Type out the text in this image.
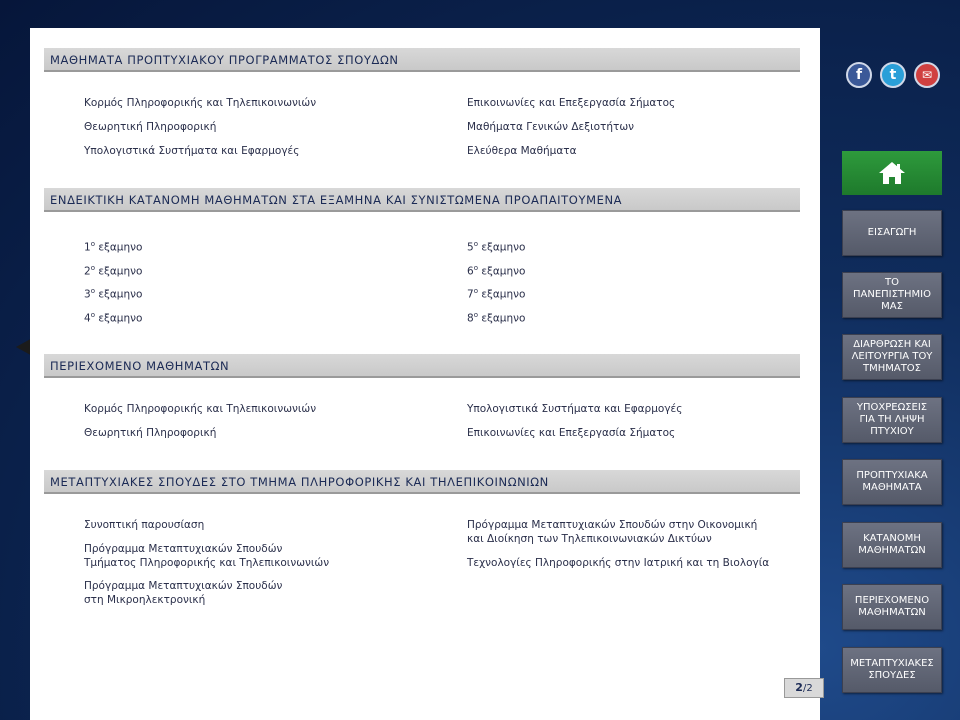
ΜΑΘΗΜΑΤΑ ΠΡΟΠΤΥΧΙΑΚΟΥ ΠΡΟΓΡΑΜΜΑΤΟΣ ΣΠΟΥΔΩΝ
Κορμός Πληροφορικής και Τηλεπικοινωνιών
Θεωρητική Πληροφορική
Υπολογιστικά Συστήματα και Εφαρμογές
Επικοινωνίες και Επεξεργασία Σήματος
Μαθήματα Γενικών Δεξιοτήτων
Ελεύθερα Μαθήματα
ΕΝΔΕΙΚΤΙΚΗ ΚΑΤΑΝΟΜΗ ΜΑΘΗΜΑΤΩΝ ΣΤΑ ΕΞΑΜΗΝΑ ΚΑΙ ΣΥΝΙΣΤΩΜΕΝΑ ΠΡΟΑΠΑΙΤΟΥΜΕΝΑ
$1^o$ εξαμηνο
$2^o$ εξαμηνο
$3^o$ εξαμηνο
$4^o$ εξαμηνο
$5^o$ εξαμηνο
$6^o$ εξαμηνο
$7^o$ εξαμηνο
$8^o$ εξαμηνο
ΠΕΡΙΕΧΟΜΕΝΟ ΜΑΘΗΜΑΤΩΝ
Κορμός Πληροφορικής και Τηλεπικοινωνιών
Θεωρητική Πληροφορική
Υπολογιστικά Συστήματα και Εφαρμογές
Επικοινωνίες και Επεξεργασία Σήματος
ΜΕΤΑΠΤΥΧΙΑΚΕΣ ΣΠΟΥΔΕΣ ΣΤΟ ΤΜΗΜΑ ΠΛΗΡΟΦΟΡΙΚΗΣ ΚΑΙ ΤΗΛΕΠΙΚΟΙΝΩΝΙΩΝ
Συνοπτική παρουσίαση
Πρόγραμμα Μεταπτυχιακών Σπουδών
Τμήματος Πληροφορικής και Τηλεπικοινωνιών
Πρόγραμμα Μεταπτυχιακών Σπουδών
στη Μικροηλεκτρονική
Πρόγραμμα Μεταπτυχιακών Σπουδών στην Οικονομική
και Διοίκηση των Τηλεπικοινωνιακών Δικτύων
Τεχνολογίες Πληροφορικής στην Ιατρική και τη Βιολογία
2/2
f	t	✉
ΕΙΣΑΓΩΓΗ
ΤΟ
ΠΑΝΕΠΙΣΤΗΜΙΟ
ΜΑΣ
ΔΙΑΡΘΡΩΣΗ ΚΑΙ
ΛΕΙΤΟΥΡΓΙΑ ΤΟΥ
ΤΜΗΜΑΤΟΣ
ΥΠΟΧΡΕΩΣΕΙΣ
ΓΙΑ ΤΗ ΛΗΨΗ
ΠΤΥΧΙΟΥ
ΠΡΟΠΤΥΧΙΑΚΑ
ΜΑΘΗΜΑΤΑ
ΚΑΤΑΝΟΜΗ
ΜΑΘΗΜΑΤΩΝ
ΠΕΡΙΕΧΟΜΕΝΟ
ΜΑΘΗΜΑΤΩΝ
ΜΕΤΑΠΤΥΧΙΑΚΕΣ
ΣΠΟΥΔΕΣ
